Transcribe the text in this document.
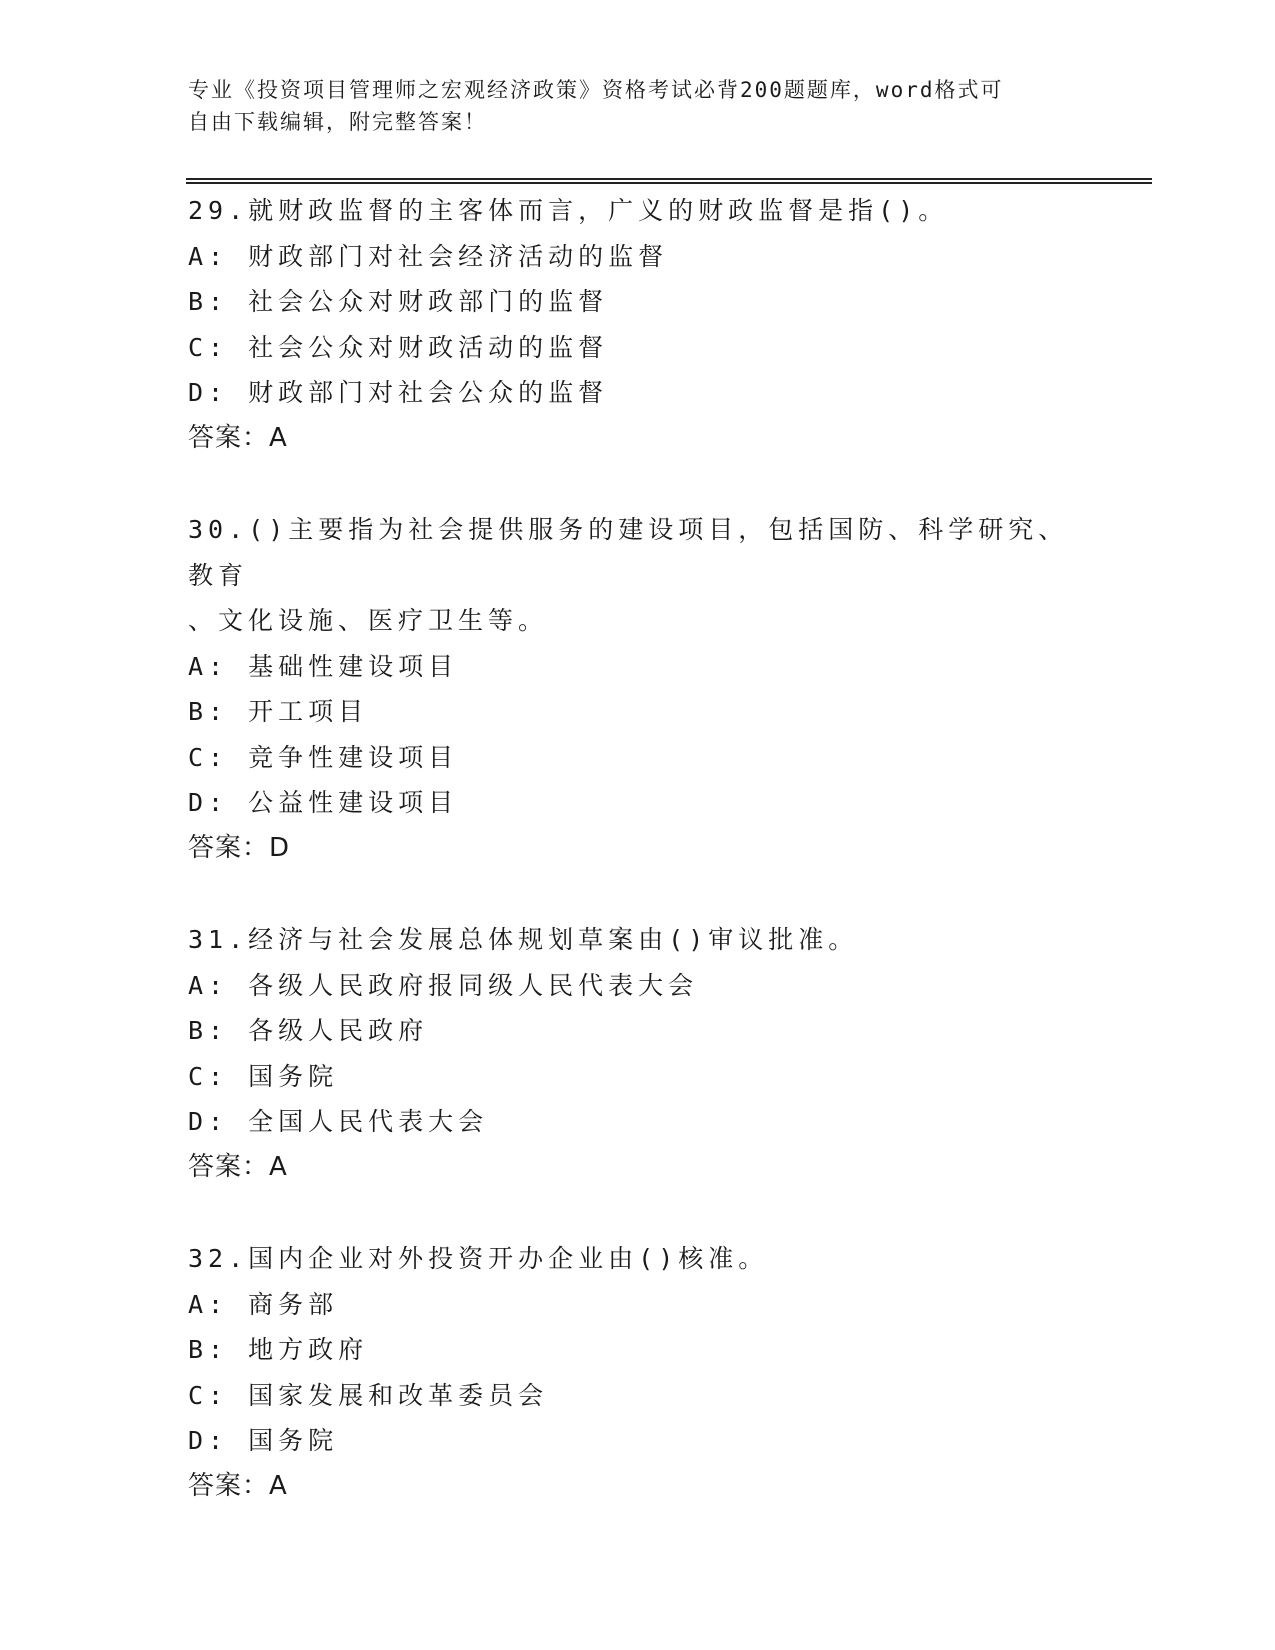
专业《投资项目管理师之宏观经济政策》资格考试必背200题题库，word格式可
自由下载编辑，附完整答案！
29.就财政监督的主客体而言，广义的财政监督是指()。
A: 财政部门对社会经济活动的监督
B: 社会公众对财政部门的监督
C: 社会公众对财政活动的监督
D: 财政部门对社会公众的监督
答案：A
30.()主要指为社会提供服务的建设项目，包括国防、科学研究、教育
、文化设施、医疗卫生等。
A: 基础性建设项目
B: 开工项目
C: 竞争性建设项目
D: 公益性建设项目
答案：D
31.经济与社会发展总体规划草案由()审议批准。
A: 各级人民政府报同级人民代表大会
B: 各级人民政府
C: 国务院
D: 全国人民代表大会
答案：A
32.国内企业对外投资开办企业由()核准。
A: 商务部
B: 地方政府
C: 国家发展和改革委员会
D: 国务院
答案：A
